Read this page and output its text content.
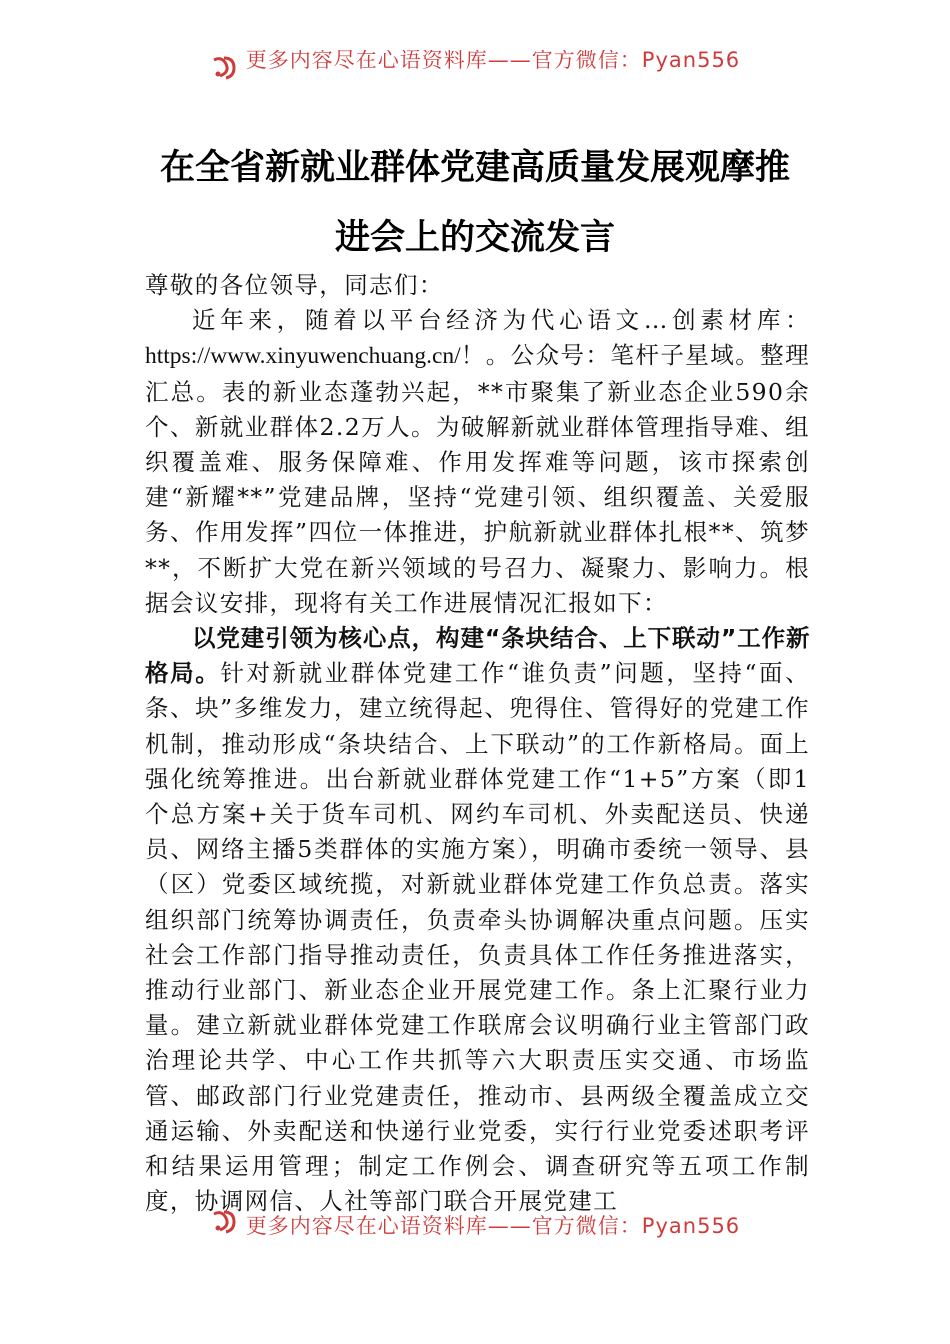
更多内容尽在心语资料库——官方微信：Pyan556
在全省新就业群体党建高质量发展观摩推
进会上的交流发言

尊敬的各位领导，同志们：

近年来，随着以平台经济为代心语文…创素材库：https://www.xinyuwenchuang.cn/！。公众号：笔杆子星域。整理汇总。表的新业态蓬勃兴起，**市聚集了新业态企业590余个、新就业群体2.2万人。为破解新就业群体管理指导难、组织覆盖难、服务保障难、作用发挥难等问题，该市探索创建“新耀**”党建品牌，坚持“党建引领、组织覆盖、关爱服务、作用发挥”四位一体推进，护航新就业群体扎根**、筑梦**，不断扩大党在新兴领域的号召力、凝聚力、影响力。根据会议安排，现将有关工作进展情况汇报如下：

以党建引领为核心点，构建“条块结合、上下联动”工作新格局。针对新就业群体党建工作“谁负责”问题，坚持“面、条、块”多维发力，建立统得起、兜得住、管得好的党建工作机制，推动形成“条块结合、上下联动”的工作新格局。面上强化统筹推进。出台新就业群体党建工作“1+5”方案（即1个总方案+关于货车司机、网约车司机、外卖配送员、快递员、网络主播5类群体的实施方案），明确市委统一领导、县（区）党委区域统揽，对新就业群体党建工作负总责。落实组织部门统筹协调责任，负责牵头协调解决重点问题。压实社会工作部门指导推动责任，负责具体工作任务推进落实，推动行业部门、新业态企业开展党建工作。条上汇聚行业力量。建立新就业群体党建工作联席会议明确行业主管部门政治理论共学、中心工作共抓等六大职责压实交通、市场监管、邮政部门行业党建责任，推动市、县两级全覆盖成立交通运输、外卖配送和快递行业党委，实行行业党委述职考评和结果运用管理；制定工作例会、调查研究等五项工作制度，协调网信、人社等部门联合开展党建工

更多内容尽在心语资料库——官方微信：Pyan556
